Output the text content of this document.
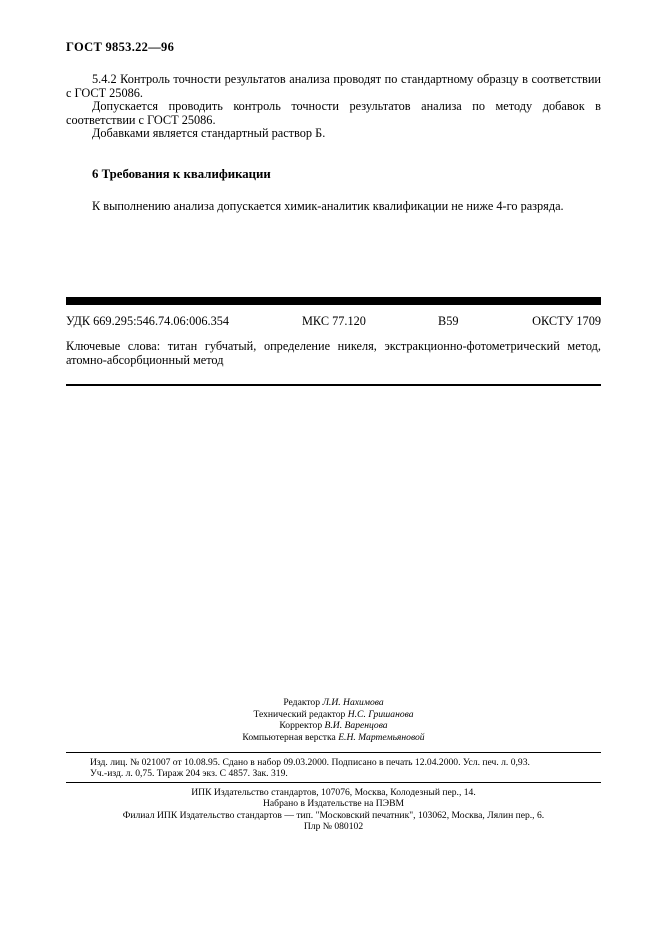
ГОСТ 9853.22—96

5.4.2 Контроль точности результатов анализа проводят по стандартному образцу в соответствии с ГОСТ 25086.

Допускается проводить контроль точности результатов анализа по методу добавок в соответствии с ГОСТ 25086.

Добавками является стандартный раствор Б.

6 Требования к квалификации
К выполнению анализа допускается химик-аналитик квалификации не ниже 4-го разряда.
УДК 669.295:546.74.06:006.354	МКС 77.120	В59	ОКСТУ 1709
Ключевые слова: титан губчатый, определение никеля, экстракционно-фотометрический метод, атомно-абсорбционный метод
Редактор Л.И. Нахимова
Технический редактор Н.С. Гришанова
Корректор В.И. Варенцова
Компьютерная верстка Е.Н. Мартемьяновой
Изд. лиц. № 021007 от 10.08.95. Сдано в набор 09.03.2000. Подписано в печать 12.04.2000. Усл. печ. л. 0,93.
Уч.-изд. л. 0,75. Тираж 204 экз. С 4857. Зак. 319.
ИПК Издательство стандартов, 107076, Москва, Колодезный пер., 14.
Набрано в Издательстве на ПЭВМ
Филиал ИПК Издательство стандартов — тип. "Московский печатник", 103062, Москва, Лялин пер., 6.
Плр № 080102
